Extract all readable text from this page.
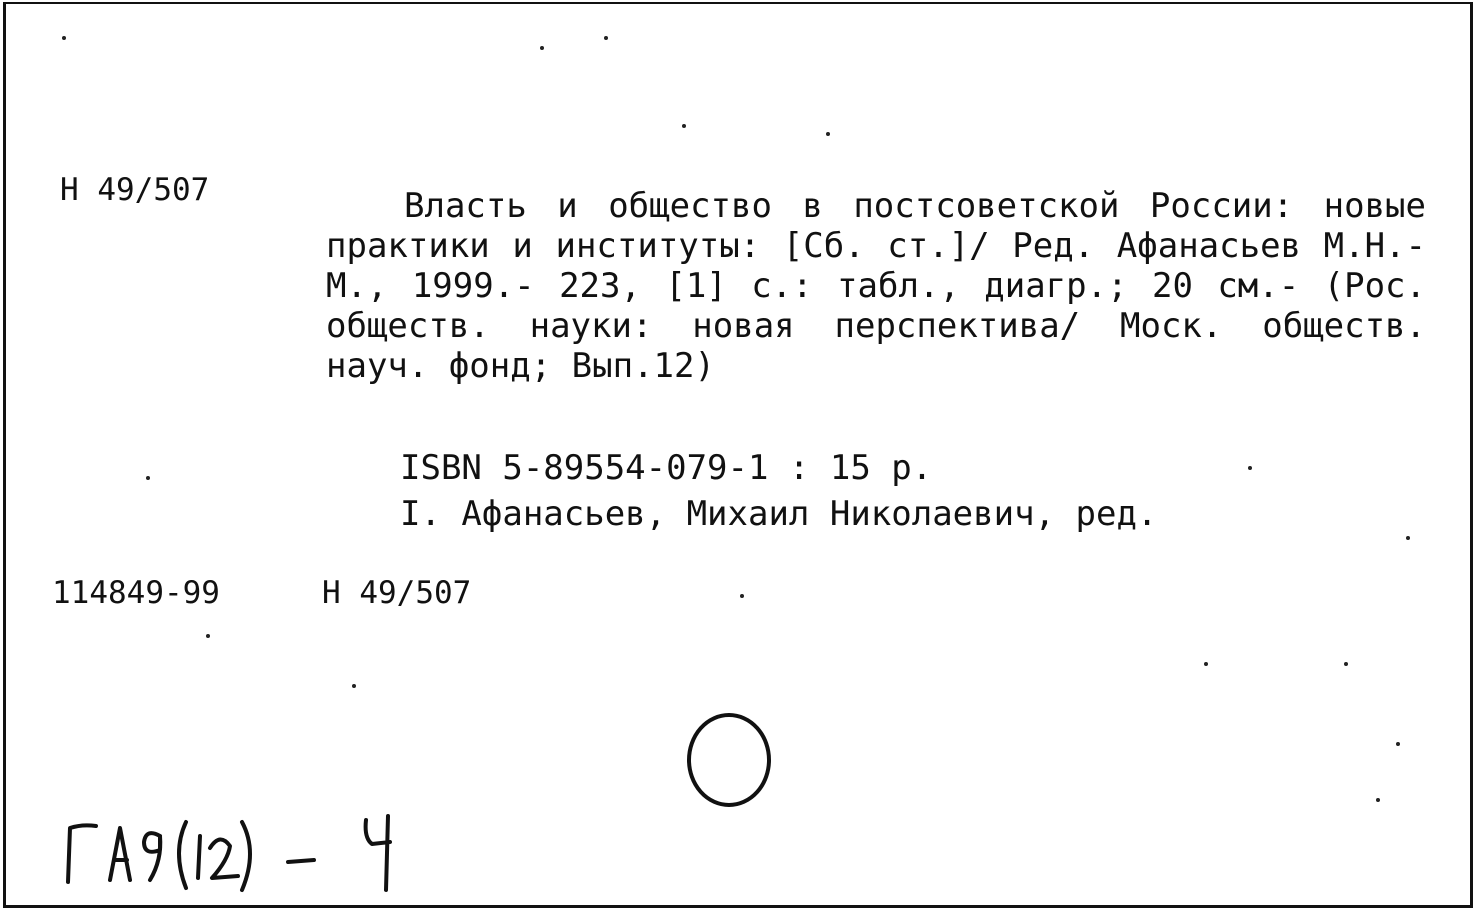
Н 49/507	Власть и общество в постсоветской России: новые практики и институты: [Сб. ст.]/ Ред. Афанасьев М.Н.- М., 1999.- 223, [1] с.: табл., диагр.; 20 см.- (Рос. обществ. науки: новая перспектива/ Моск. обществ. науч. фонд; Вып.12)

ISBN 5-89554-079-1 : 15 р.
I. Афанасьев, Михаил Николаевич, ред.
114849-99	Н 49/507
